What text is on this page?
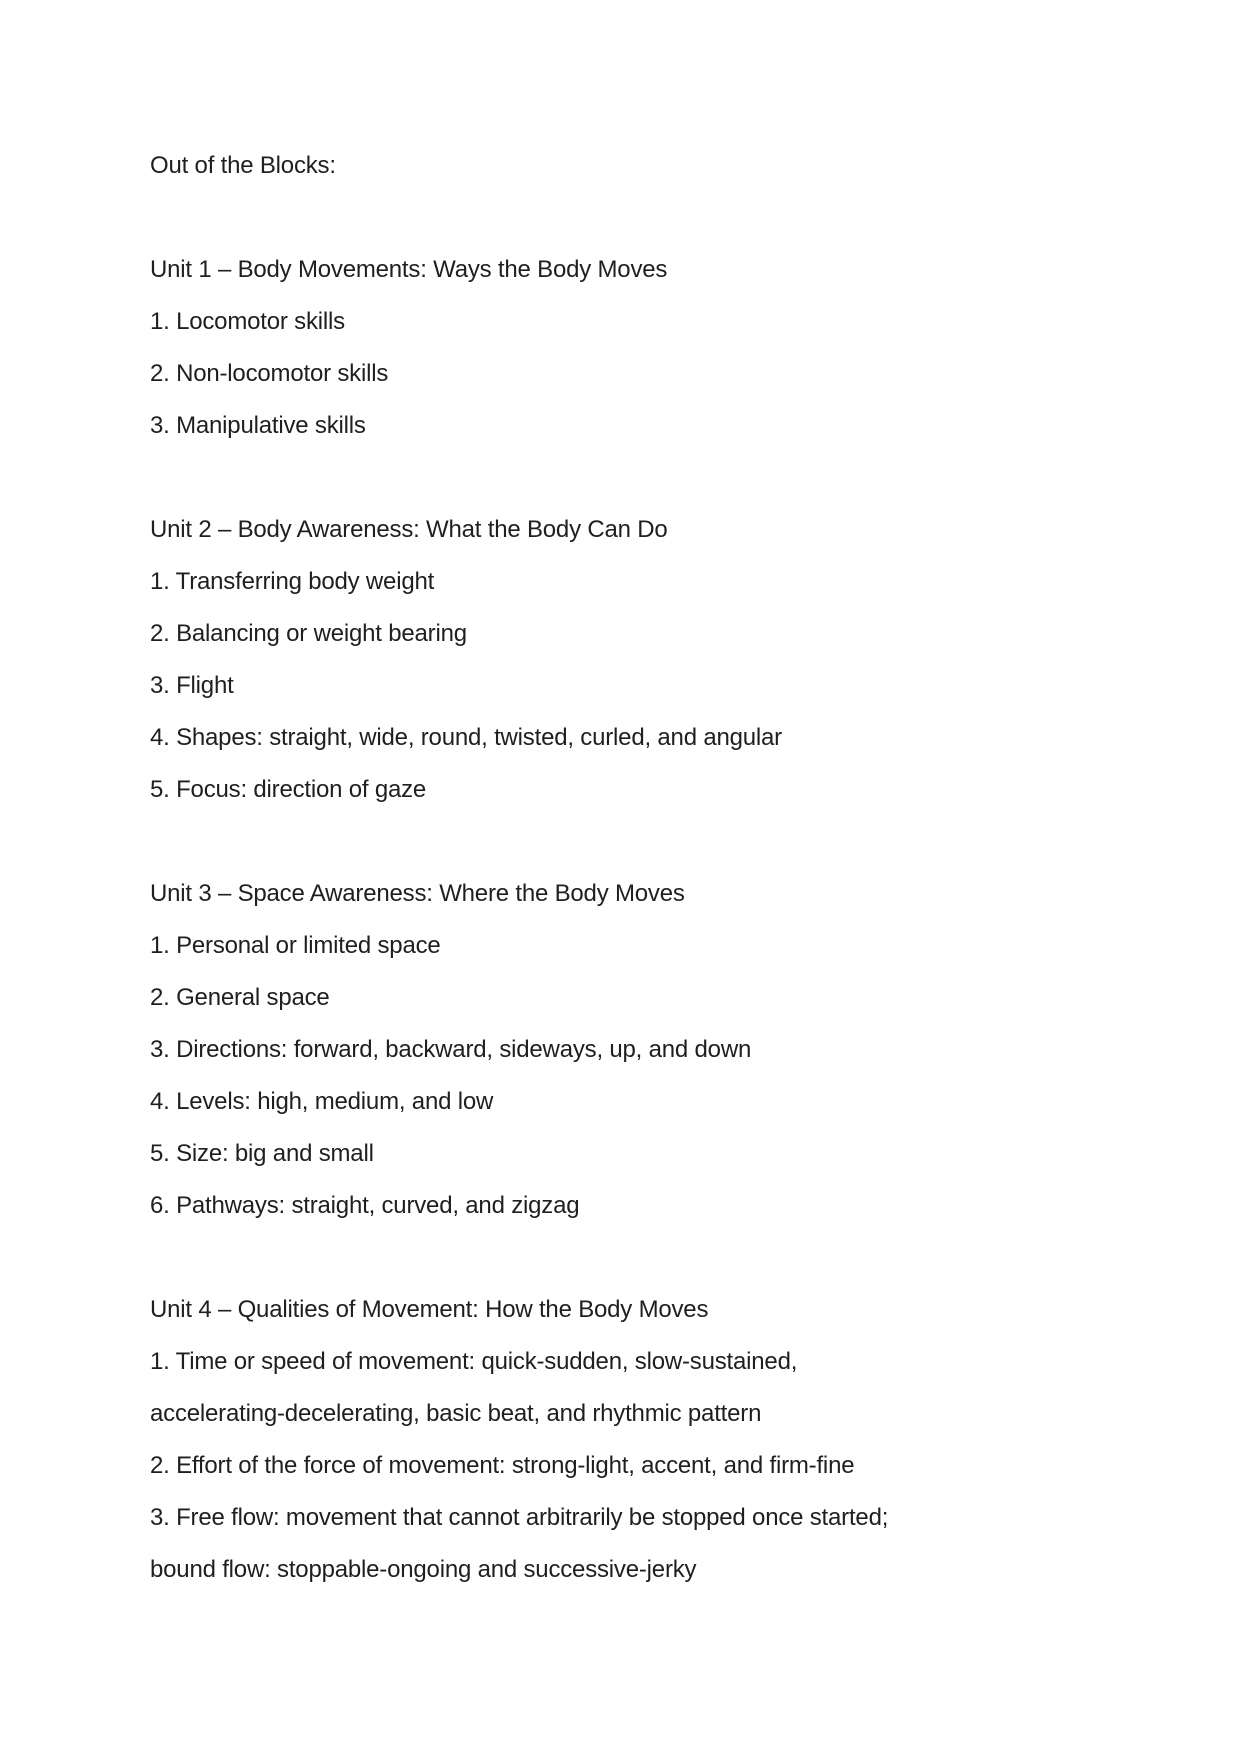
Out of the Blocks:

Unit 1 – Body Movements: Ways the Body Moves

1. Locomotor skills

2. Non-locomotor skills

3. Manipulative skills

Unit 2 – Body Awareness: What the Body Can Do

1. Transferring body weight

2. Balancing or weight bearing

3. Flight

4. Shapes: straight, wide, round, twisted, curled, and angular

5. Focus: direction of gaze

Unit 3 – Space Awareness: Where the Body Moves

1. Personal or limited space

2. General space

3. Directions: forward, backward, sideways, up, and down

4. Levels: high, medium, and low

5. Size: big and small

6. Pathways: straight, curved, and zigzag

Unit 4 – Qualities of Movement: How the Body Moves

1. Time or speed of movement: quick-sudden, slow-sustained,

accelerating-decelerating, basic beat, and rhythmic pattern

2. Effort of the force of movement: strong-light, accent, and firm-fine

3. Free flow: movement that cannot arbitrarily be stopped once started;

bound flow: stoppable-ongoing and successive-jerky
